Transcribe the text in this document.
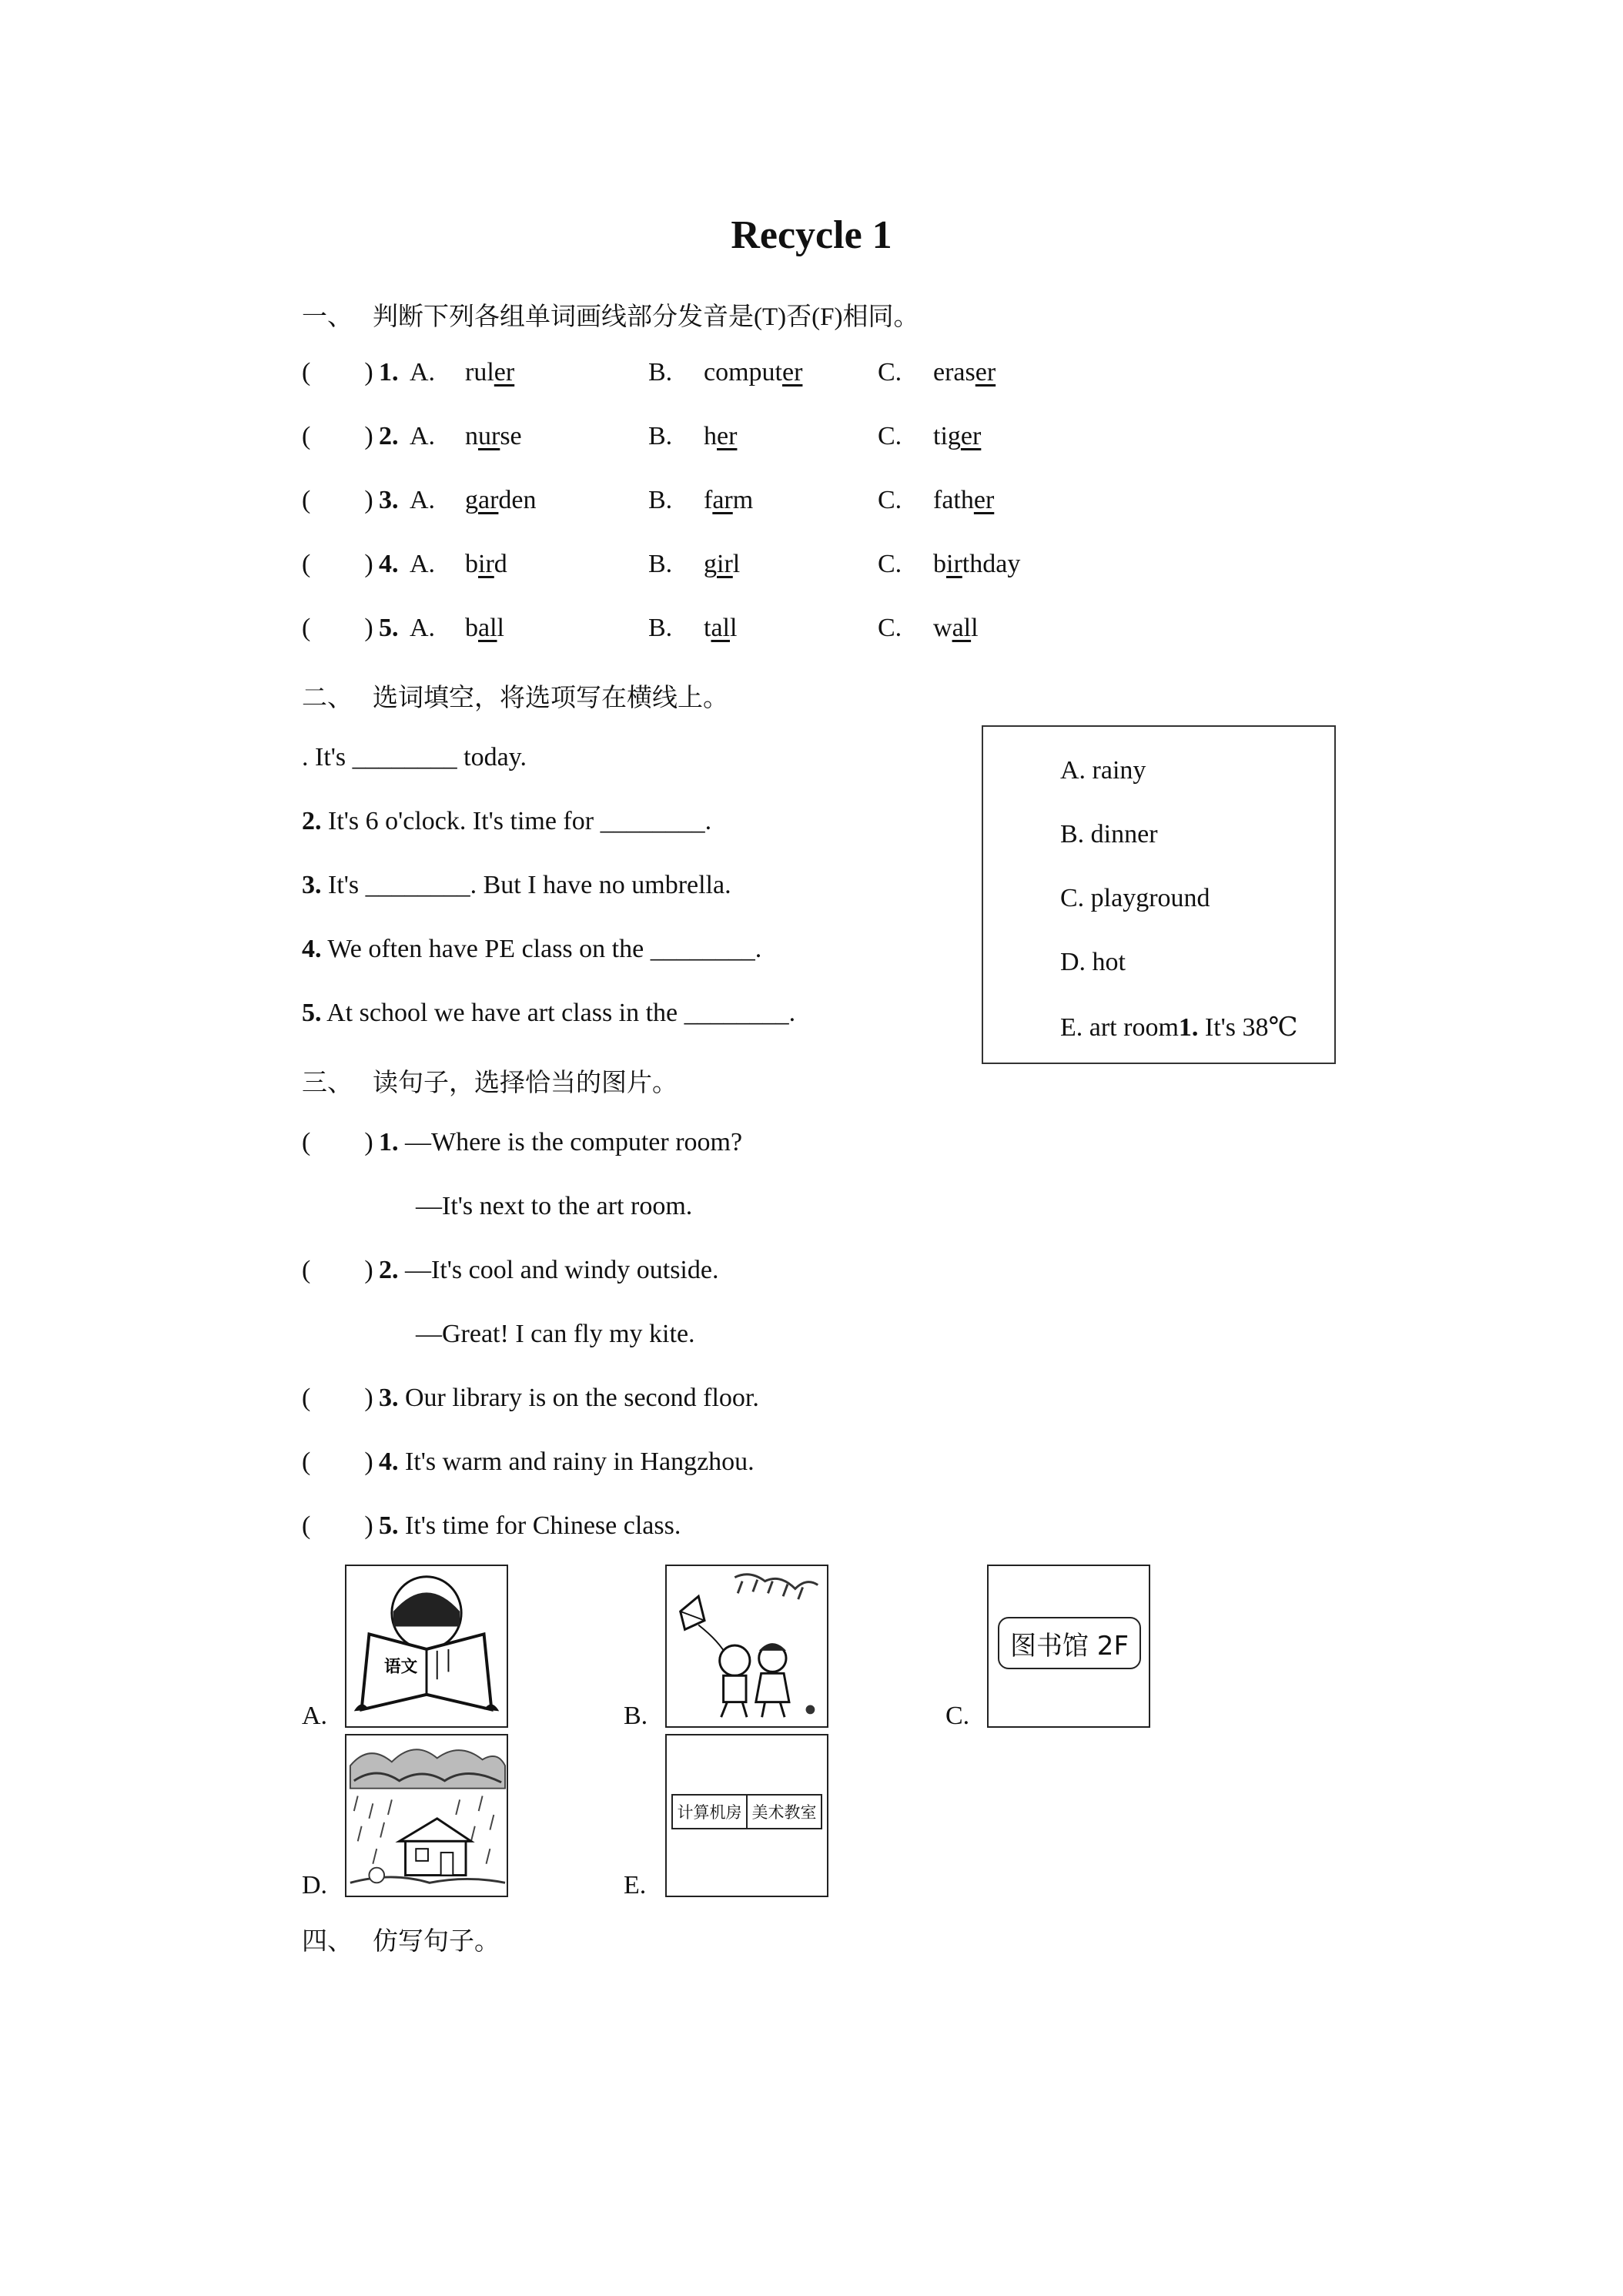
Recycle 1
一、 判断下列各组单词画线部分发音是(T)否(F)相同。
( ) 1. A. ruler	B. computer	C. eraser
( ) 2. A. nurse	B. her	C. tiger
( ) 3. A. garden	B. farm	C. father
( ) 4. A. bird	B. girl	C. birthday
( ) 5. A. ball	B. tall	C. wall
二、 选词填空，将选项写在横线上。
. It's ________ today.
2. It's 6 o'clock. It's time for ________.
3. It's ________. But I have no umbrella.
4. We often have PE class on the ________.
5. At school we have art class in the ________.
A. rainy
B. dinner
C. playground
D. hot
E. art room1. It's 38℃
三、 读句子，选择恰当的图片。
( ) 1. —Where is the computer room?
—It's next to the art room.
( ) 2. —It's cool and windy outside.
—Great! I can fly my kite.
( ) 3. Our library is on the second floor.
( ) 4. It's warm and rainy in Hangzhou.
( ) 5. It's time for Chinese class.
A.
语文
B.	C.
图书馆 2F
D.	E.
计算机房 美术教室
四、 仿写句子。
